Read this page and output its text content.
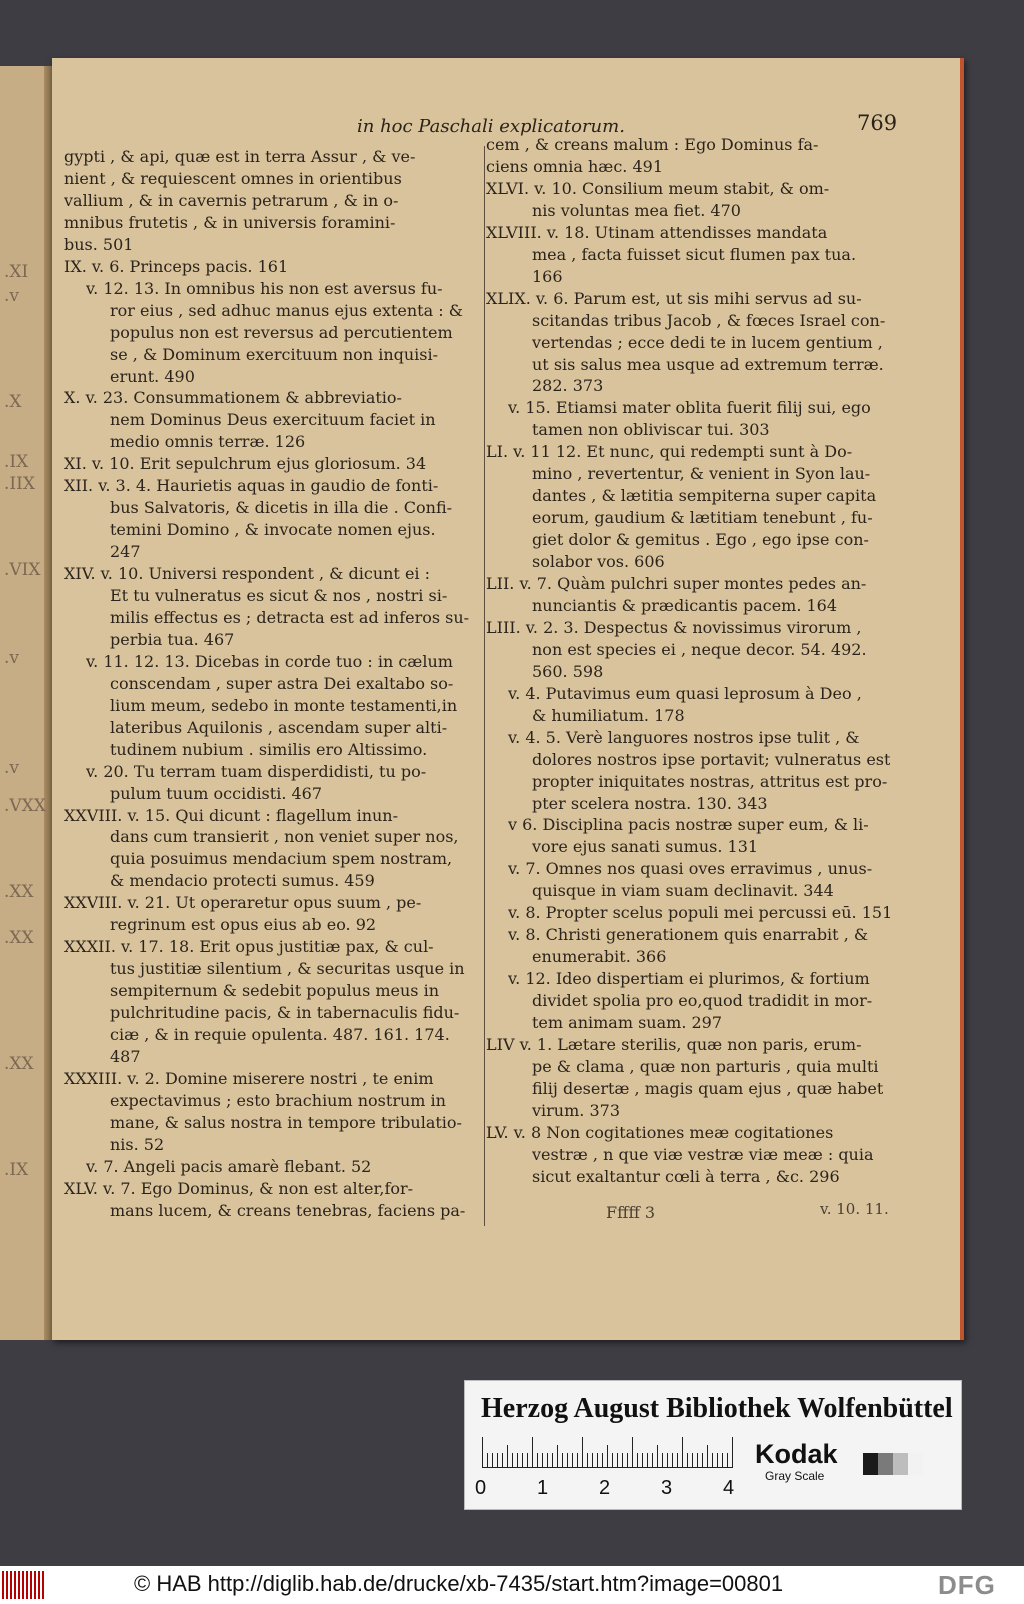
.XI
.v
.X
.IX
.IIX
.VIX
.v
.v
.VXX
.XX
.XX
.XX
.IX
in hoc Paschali explicatorum.	769
gypti , & api, quæ est in terra Assur , & ve-
nient , & requiescent omnes in orientibus
vallium , & in cavernis petrarum , & in o-
mnibus frutetis , & in universis foramini-
bus. 501
IX. v. 6. Princeps pacis. 161
v. 12. 13. In omnibus his non est aversus fu-
ror eius , sed adhuc manus ejus extenta : &
populus non est reversus ad percutientem
se , & Dominum exercituum non inquisi-
erunt. 490
X. v. 23. Consummationem & abbreviatio-
nem Dominus Deus exercituum faciet in
medio omnis terræ. 126
XI. v. 10. Erit sepulchrum ejus gloriosum. 34
XII. v. 3. 4. Haurietis aquas in gaudio de fonti-
bus Salvatoris, & dicetis in illa die . Confi-
temini Domino , & invocate nomen ejus.
247
XIV. v. 10. Universi respondent , & dicunt ei :
Et tu vulneratus es sicut & nos , nostri si-
milis effectus es ; detracta est ad inferos su-
perbia tua. 467
v. 11. 12. 13. Dicebas in corde tuo : in cælum
conscendam , super astra Dei exaltabo so-
lium meum, sedebo in monte testamenti,in
lateribus Aquilonis , ascendam super alti-
tudinem nubium . similis ero Altissimo.
v. 20. Tu terram tuam disperdidisti, tu po-
pulum tuum occidisti. 467
XXVIII. v. 15. Qui dicunt : flagellum inun-
dans cum transierit , non veniet super nos,
quia posuimus mendacium spem nostram,
& mendacio protecti sumus. 459
XXVIII. v. 21. Ut operaretur opus suum , pe-
regrinum est opus eius ab eo. 92
XXXII. v. 17. 18. Erit opus justitiæ pax, & cul-
tus justitiæ silentium , & securitas usque in
sempiternum & sedebit populus meus in
pulchritudine pacis, & in tabernaculis fidu-
ciæ , & in requie opulenta. 487. 161. 174.
487
XXXIII. v. 2. Domine miserere nostri , te enim
expectavimus ; esto brachium nostrum in
mane, & salus nostra in tempore tribulatio-
nis. 52
v. 7. Angeli pacis amarè flebant. 52
XLV. v. 7. Ego Dominus, & non est alter,for-
mans lucem, & creans tenebras, faciens pa-
cem , & creans malum : Ego Dominus fa-
ciens omnia hæc. 491
XLVI. v. 10. Consilium meum stabit, & om-
nis voluntas mea fiet. 470
XLVIII. v. 18. Utinam attendisses mandata
mea , facta fuisset sicut flumen pax tua.
166
XLIX. v. 6. Parum est, ut sis mihi servus ad su-
scitandas tribus Jacob , & fœces Israel con-
vertendas ; ecce dedi te in lucem gentium ,
ut sis salus mea usque ad extremum terræ.
282. 373
v. 15. Etiamsi mater oblita fuerit filij sui, ego
tamen non obliviscar tui. 303
LI. v. 11 12. Et nunc, qui redempti sunt à Do-
mino , revertentur, & venient in Syon lau-
dantes , & lætitia sempiterna super capita
eorum, gaudium & lætitiam tenebunt , fu-
giet dolor & gemitus . Ego , ego ipse con-
solabor vos. 606
LII. v. 7. Quàm pulchri super montes pedes an-
nunciantis & prædicantis pacem. 164
LIII. v. 2. 3. Despectus & novissimus virorum ,
non est species ei , neque decor. 54. 492.
560. 598
v. 4. Putavimus eum quasi leprosum à Deo ,
& humiliatum. 178
v. 4. 5. Verè languores nostros ipse tulit , &
dolores nostros ipse portavit; vulneratus est
propter iniquitates nostras, attritus est pro-
pter scelera nostra. 130. 343
v 6. Disciplina pacis nostræ super eum, & li-
vore ejus sanati sumus. 131
v. 7. Omnes nos quasi oves erravimus , unus-
quisque in viam suam declinavit. 344
v. 8. Propter scelus populi mei percussi eū. 151
v. 8. Christi generationem quis enarrabit , &
enumerabit. 366
v. 12. Ideo dispertiam ei plurimos, & fortium
dividet spolia pro eo,quod tradidit in mor-
tem animam suam. 297
LIV v. 1. Lætare sterilis, quæ non paris, erum-
pe & clama , quæ non parturis , quia multi
filij desertæ , magis quam ejus , quæ habet
virum. 373
LV. v. 8 Non cogitationes meæ cogitationes
vestræ , n que viæ vestræ viæ meæ : quia
sicut exaltantur cœli à terra , &c. 296
Fffff 3	v. 10. 11.
Herzog August Bibliothek Wolfenbüttel
0	1	2	3	4
Kodak
Gray Scale
© HAB http://diglib.hab.de/drucke/xb-7435/start.htm?image=00801	DFG
